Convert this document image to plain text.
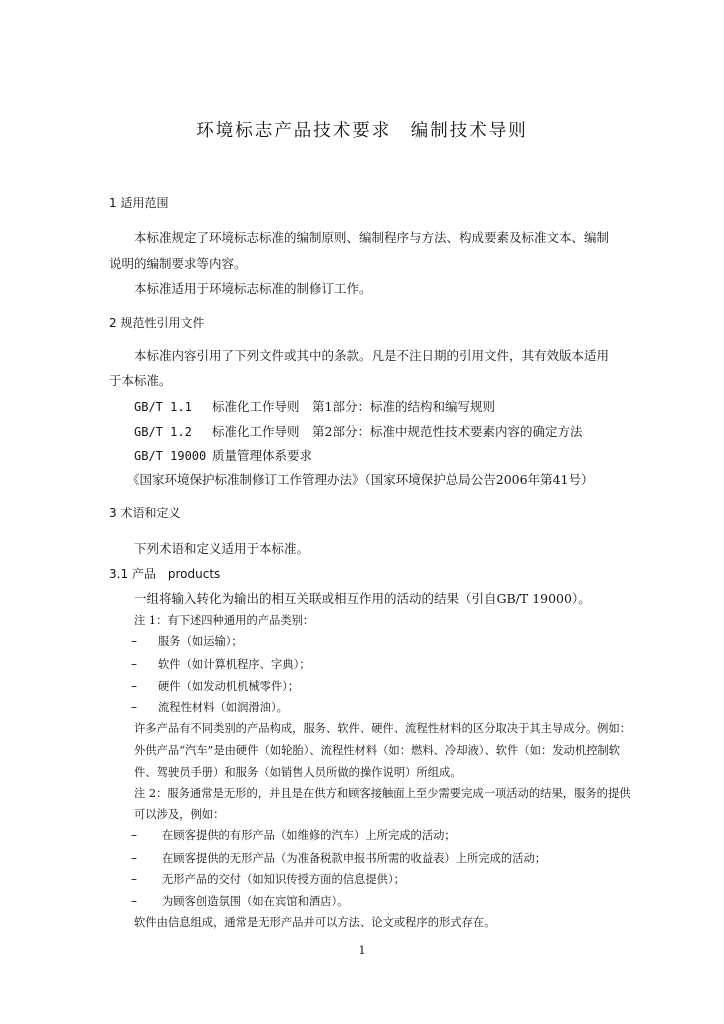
环境标志产品技术要求　编制技术导则
1 适用范围
本标准规定了环境标志标准的编制原则、编制程序与方法、构成要素及标准文本、编制
说明的编制要求等内容。
本标准适用于环境标志标准的制修订工作。
2 规范性引用文件
本标准内容引用了下列文件或其中的条款。凡是不注日期的引用文件，其有效版本适用
于本标准。
GB/T 1.1 标准化工作导则　第1部分：标准的结构和编写规则
GB/T 1.2 标准化工作导则　第2部分：标准中规范性技术要素内容的确定方法
GB/T 19000 质量管理体系要求
《国家环境保护标准制修订工作管理办法》（国家环境保护总局公告2006年第41号）
3 术语和定义
下列术语和定义适用于本标准。
3.1 产品　products
一组将输入转化为输出的相互关联或相互作用的活动的结果（引自GB/T 19000）。
注 1：有下述四种通用的产品类别：
– 服务（如运输）；
– 软件（如计算机程序、字典）；
– 硬件（如发动机机械零件）；
– 流程性材料（如润滑油）。
许多产品有不同类别的产品构成，服务、软件、硬件、流程性材料的区分取决于其主导成分。例如：
外供产品“汽车”是由硬件（如轮胎）、流程性材料（如：燃料、冷却液）、软件（如：发动机控制软
件、驾驶员手册）和服务（如销售人员所做的操作说明）所组成。
注 2：服务通常是无形的，并且是在供方和顾客接触面上至少需要完成一项活动的结果，服务的提供
可以涉及，例如：
– 在顾客提供的有形产品（如维修的汽车）上所完成的活动；
– 在顾客提供的无形产品（为准备税款申报书所需的收益表）上所完成的活动；
– 无形产品的交付（如知识传授方面的信息提供）；
– 为顾客创造氛围（如在宾馆和酒店）。
软件由信息组成，通常是无形产品并可以方法、论文或程序的形式存在。
1
